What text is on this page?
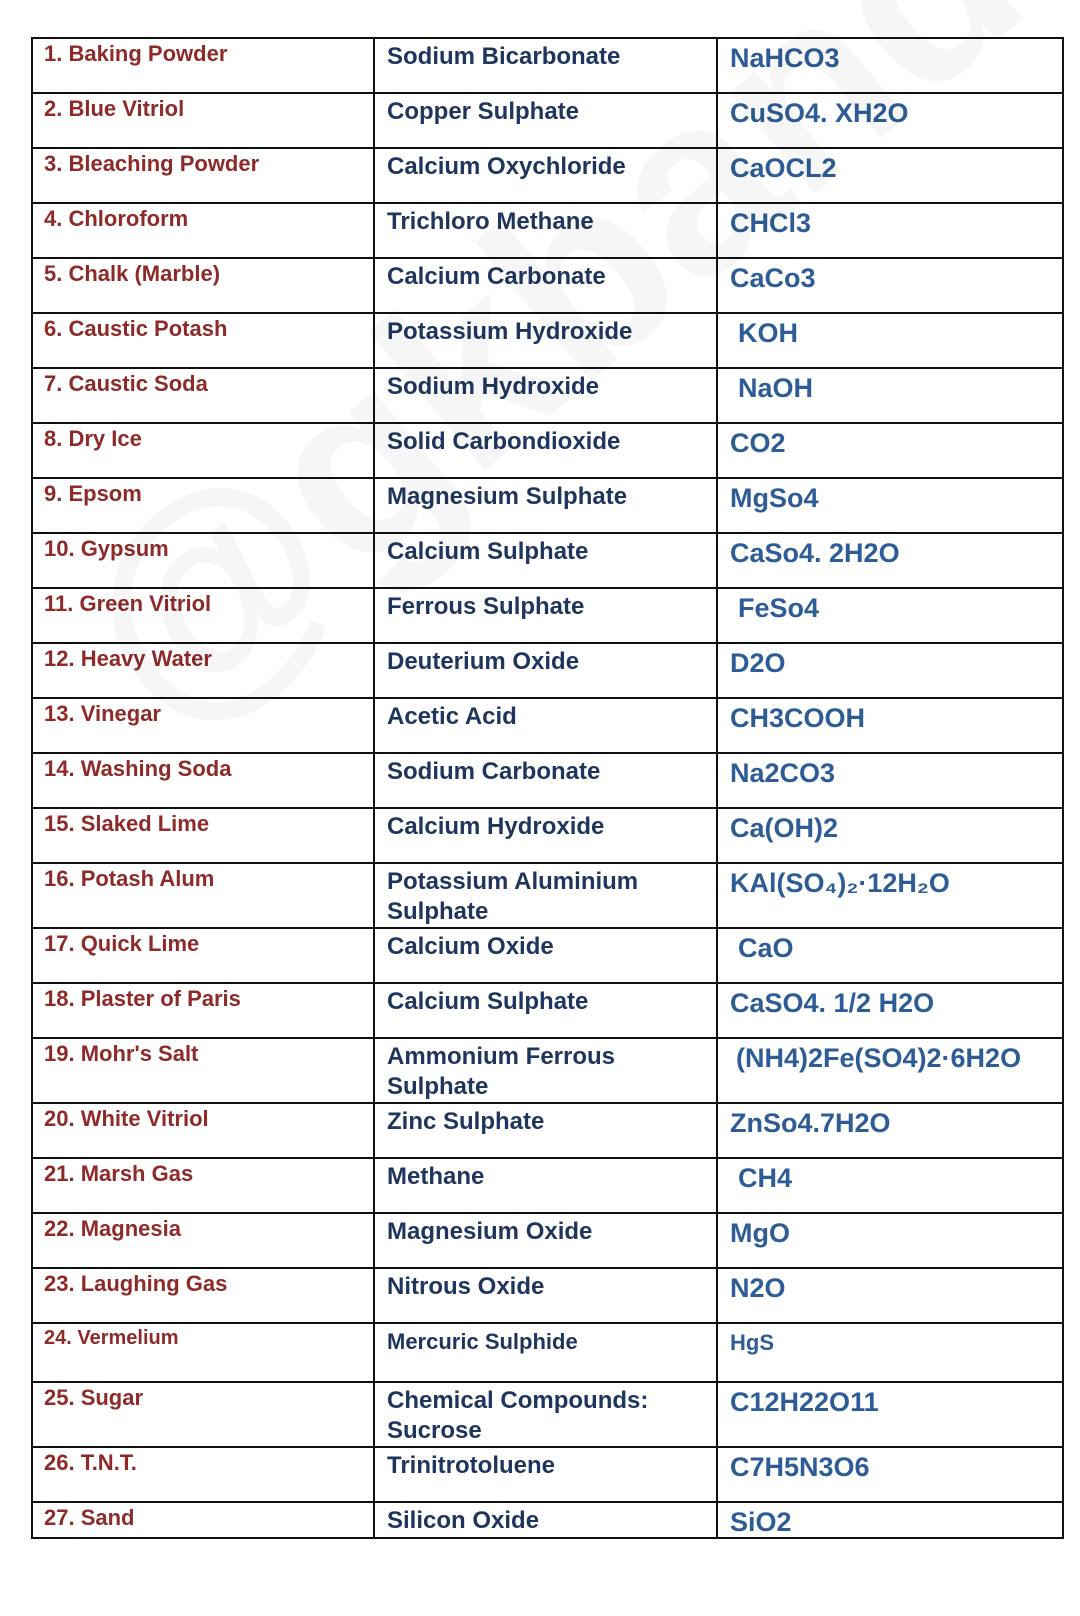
1. Baking Powder	Sodium Bicarbonate	NaHCO3
2. Blue Vitriol	Copper Sulphate	CuSO4. XH2O
3. Bleaching Powder	Calcium Oxychloride	CaOCL2
4. Chloroform	Trichloro Methane	CHCl3
5. Chalk (Marble)	Calcium Carbonate	CaCo3
6. Caustic Potash	Potassium Hydroxide	KOH
7. Caustic Soda	Sodium Hydroxide	NaOH
8. Dry Ice	Solid Carbondioxide	CO2
9. Epsom	Magnesium Sulphate	MgSo4
10. Gypsum	Calcium Sulphate	CaSo4. 2H2O
11. Green Vitriol	Ferrous Sulphate	FeSo4
12. Heavy Water	Deuterium Oxide	D2O
13. Vinegar	Acetic Acid	CH3COOH
14. Washing Soda	Sodium Carbonate	Na2CO3
15. Slaked Lime	Calcium Hydroxide	Ca(OH)2
16. Potash Alum	Potassium Aluminium Sulphate	KAl(SO₄)₂·12H₂O
17. Quick Lime	Calcium Oxide	CaO
18. Plaster of Paris	Calcium Sulphate	CaSO4. 1/2 H2O
19. Mohr's Salt	Ammonium Ferrous Sulphate	(NH4)2Fe(SO4)2·6H2O
20. White Vitriol	Zinc Sulphate	ZnSo4.7H2O
21. Marsh Gas	Methane	CH4
22. Magnesia	Magnesium Oxide	MgO
23. Laughing Gas	Nitrous Oxide	N2O
24. Vermelium	Mercuric Sulphide	HgS
25. Sugar	Chemical Compounds: Sucrose	C12H22O11
26. T.N.T.	Trinitrotoluene	C7H5N3O6
27. Sand	Silicon Oxide	SiO2
